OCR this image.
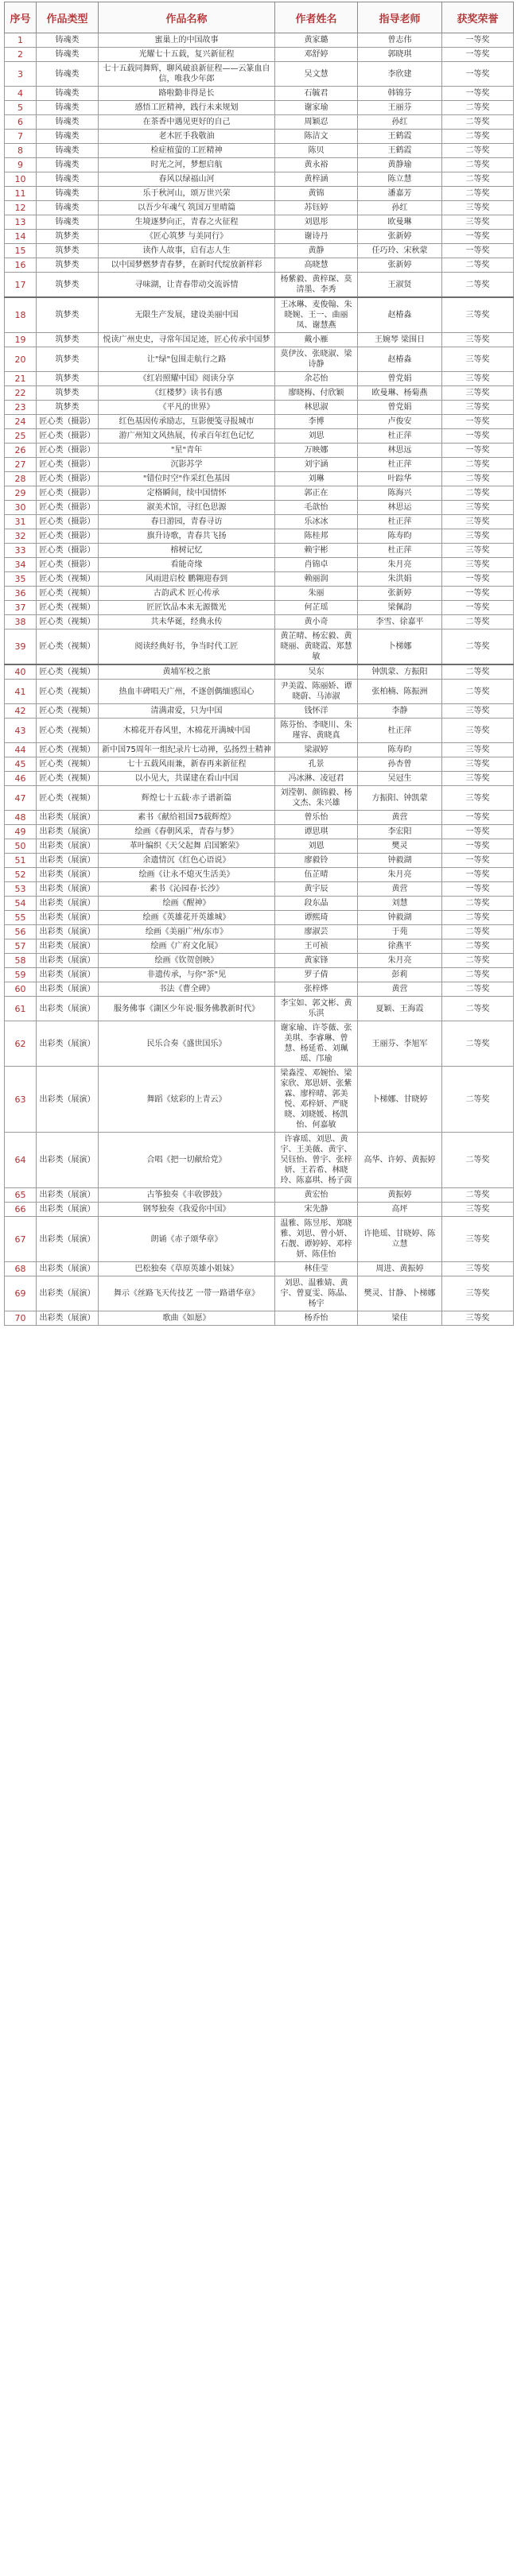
序号	作品类型	作品名称	作者姓名	指导老师	获奖荣誉
1	铸魂类	蜜巢上的中国故事	黄家璐	曾志伟	一等奖
2	铸魂类	光耀七十五载，复兴新征程	邓舒婷	郭晓琪	一等奖
3	铸魂类	七十五载同舞辉，聊风破浪新征程——云篆血自信，唯我少年郎	吴文慧	李欣建	一等奖
4	铸魂类	路啦勤非得是长	石毓君	韩锦芬	一等奖
5	铸魂类	感悟工匠精神，践行未来规划	谢家瑜	王丽芬	二等奖
6	铸魂类	在茶香中遇见更好的自己	周颖忍	孙红	二等奖
7	铸魂类	老木匠手我敬油	陈洁文	王鹤霞	二等奖
8	铸魂类	检症植萤的工匠精神	陈贝	王鹤霞	二等奖
9	铸魂类	时光之河，梦想启航	黄永裕	黄静瑜	二等奖
10	铸魂类	春风以绿福山河	黄梓涵	陈立慧	二等奖
11	铸魂类	乐于秋河山，颂万世兴荣	黄锦	潘嘉芳	二等奖
12	铸魂类	以吾少年魂气 筑国万里晴篇	苏钰婷	孙红	三等奖
13	铸魂类	生境逐梦向正，青春之火征程	刘恩彤	欧曼琳	三等奖
14	筑梦类	《匠心筑梦 与美同行》	谢诗丹	张新婷	一等奖
15	筑梦类	读作人故事，启有志人生	黄静	任巧玲、宋秋蒙	一等奖
16	筑梦类	以中国梦燃梦青春梦，在新时代绽放新样彩	高晓慧	张新婷	二等奖
17	筑梦类	寻味湖，让青春带动交流诉情	杨紫毅、黄梓琛、莫清墨、李秀	王淑贤	二等奖
18	筑梦类	无限生产发展，建设美丽中国	王冰琳、麦俊翰、朱晓婉、王一、曲丽凤、谢慧燕	赵椿淼	三等奖
19	筑梦类	悦读广州史史，寻常年国足迹，匠心传承中国梦	戴小雁	王婉琴 梁围日	三等奖
20	筑梦类	让"绿"包围走航行之路	莫伊汝、张晓淑、梁诗静	赵椿淼	三等奖
21	筑梦类	《红岩照耀中国》阅读分享	余芯怡	曾党娟	三等奖
22	筑梦类	《红楼梦》读书有感	廖晓梅、付欣颖	欧曼琳、杨菊燕	三等奖
23	筑梦类	《平凡的世界》	林思淑	曾党娟	三等奖
24	匠心类（摄影）	红色基因传承励志，互影便笺寻报城市	李博	卢俊安	一等奖
25	匠心类（摄影）	游广州知文风热展，传承百年红色记忆	刘思	杜正萍	一等奖
26	匠心类（摄影）	"星"青年	万映娜	林思远	一等奖
27	匠心类（摄影）	沉影苏学	刘宇涵	杜正萍	二等奖
28	匠心类（摄影）	"错位时空"作采红色基因	刘琳	叶踪华	二等奖
29	匠心类（摄影）	定格瞬间，续中国情怀	郭正在	陈海兴	二等奖
30	匠心类（摄影）	淑美术馆，寻红色思源	毛歆怡	林思运	三等奖
31	匠心类（摄影）	春日游园，青春寻访	乐冰冰	杜正萍	三等奖
32	匠心类（摄影）	旗升诗歌，青春共飞扬	陈桂邦	陈寿昀	三等奖
33	匠心类（摄影）	榕树记忆	赖宇彬	杜正萍	三等奖
34	匠心类（摄影）	看能奇缘	肖锦卓	朱月亮	三等奖
35	匠心类（视频）	风雨进启校 鹏翱迎春到	赖丽润	朱洪娟	一等奖
36	匠心类（视频）	古韵武术 匠心传承	朱丽	张新婷	一等奖
37	匠心类（视频）	匠匠饮品本来无源微光	何芷瑶	梁佩韵	一等奖
38	匠心类（视频）	共未华诞，经典永传	黄小奇	李雪、徐嘉平	二等奖
39	匠心类（视频）	阅读经典好书，争当时代工匠	黄芷晴、杨宏毅、黄晓丽、黄晓霞、郑慧敏	卜梯娜	二等奖
40	匠心类（视频）	黄埔军校之旅	吴东	钟凯蒙、方振阳	二等奖
41	匠心类（视频）	热血丰碑唱天广州，不逐创偶缅感国心	尹美霞、陈丽娇、谭晓蔚、马沛淑	张柏楠、陈振洲	二等奖
42	匠心类（视频）	清满肃爱，只为中国	钱怀洋	李静	三等奖
43	匠心类（视频）	木棉花开春风里，木棉花开满城中国	陈芬怡、李晓川、朱瑾容、黄晓真	杜正萍	三等奖
44	匠心类（视频）	新中国75周年一组纪录片七动禅，弘扬烈士精神	梁淑婷	陈寿昀	三等奖
45	匠心类（视频）	七十五载风雨兼，新春再来新征程	孔景	孙杏曾	三等奖
46	匠心类（视频）	以小见大，共谋建在看山中国	冯冰淋、凌冠君	吴冠生	三等奖
47	匠心类（视频）	辉煌七十五载·赤子谱新篇	刘滢朝、颜锦毅、杨文杰、朱兴雄	方振阳、钟凯蒙	三等奖
48	出彩类（展演）	素书《献给祖国75载辉煌》	曾乐怡	黄营	一等奖
49	出彩类（展演）	绘画《春朝风采，青春与梦》	谭思琪	李宏阳	一等奖
50	出彩类（展演）	革叶编织《天父起舞 启国繁荣》	刘恩	樊灵	一等奖
51	出彩类（展演）	余遗情沉《红色心语说》	廖毅铃	钟毅湖	一等奖
52	出彩类（展演）	绘画《让永不熄灭生活美》	伍芷晴	朱月亮	一等奖
53	出彩类（展演）	素书《沁园春·长沙》	黄宇辰	黄营	一等奖
54	出彩类（展演）	绘画《醒神》	段东晶	刘慧	二等奖
55	出彩类（展演）	绘画《英雄花开英雄城》	谭熙琦	钟毅湖	二等奖
56	出彩类（展演）	绘画《美丽广州/东市》	廖淑芸	于苑	二等奖
57	出彩类（展演）	绘画《广府文化展》	王可祯	徐燕平	二等奖
58	出彩类（展演）	绘画《钦贺创映》	黄家锋	朱月亮	二等奖
59	出彩类（展演）	非遗传承，与你"茶"见	罗子倩	彭莉	二等奖
60	出彩类（展演）	书法《曹全碑》	张梓烨	黄营	二等奖
61	出彩类（展演）	服务佛事《湖区少年说·服务佛教新时代》	李宝如、郭文彬、黄乐淇	夏颖、王海霞	二等奖
62	出彩类（展演）	民乐合奏《盛世国乐》	谢家瑜、许苓薇、张美琪、李睿琳、曾慧、杨延希、刘珮瑶、邝瑜	王丽芬、李旭军	二等奖
63	出彩类（展演）	舞蹈《炫彩的上青云》	梁淼滢、邓婉怡、梁家欣、郑思妍、张紫霖、廖梓晴、郭美悦、邓梓妍、严晓晓、刘晓媛、杨凯怡、何嘉敏	卜梯娜、甘晓婷	二等奖
64	出彩类（展演）	合唱《把一切献给党》	许睿瑶、刘思、黄宇、王美薇、黄宇、吴钰怡、曾宇、张梓妍、王若希、林晓玲、陈嘉琪、杨子茵	高华、许婷、黄振婷	二等奖
65	出彩类（展演）	古筝独奏《丰收锣鼓》	黄宏怡	黄振婷	二等奖
66	出彩类（展演）	钢琴独奏《我爱你中国》	宋先静	高坪	三等奖
67	出彩类（展演）	朗诵《赤子颂华章》	温雅、陈昱彤、郑晓雅、刘思、曾小妍、石靓、谭婷婷、邓梓妍、陈佳怡	许艳瑶、甘晓婷、陈立慧	三等奖
68	出彩类（展演）	巴松独奏《草原英雄小姐妹》	林佳莹	周进、黄振婷	三等奖
69	出彩类（展演）	舞示《丝路飞天传技艺 一带一路谱华章》	刘思、温雅婧、黄宇、曾夏雯、陈晶、杨宇	樊灵、甘静、卜梯娜	三等奖
70	出彩类（展演）	歌曲《如愿》	杨乔怡	梁佳	三等奖
